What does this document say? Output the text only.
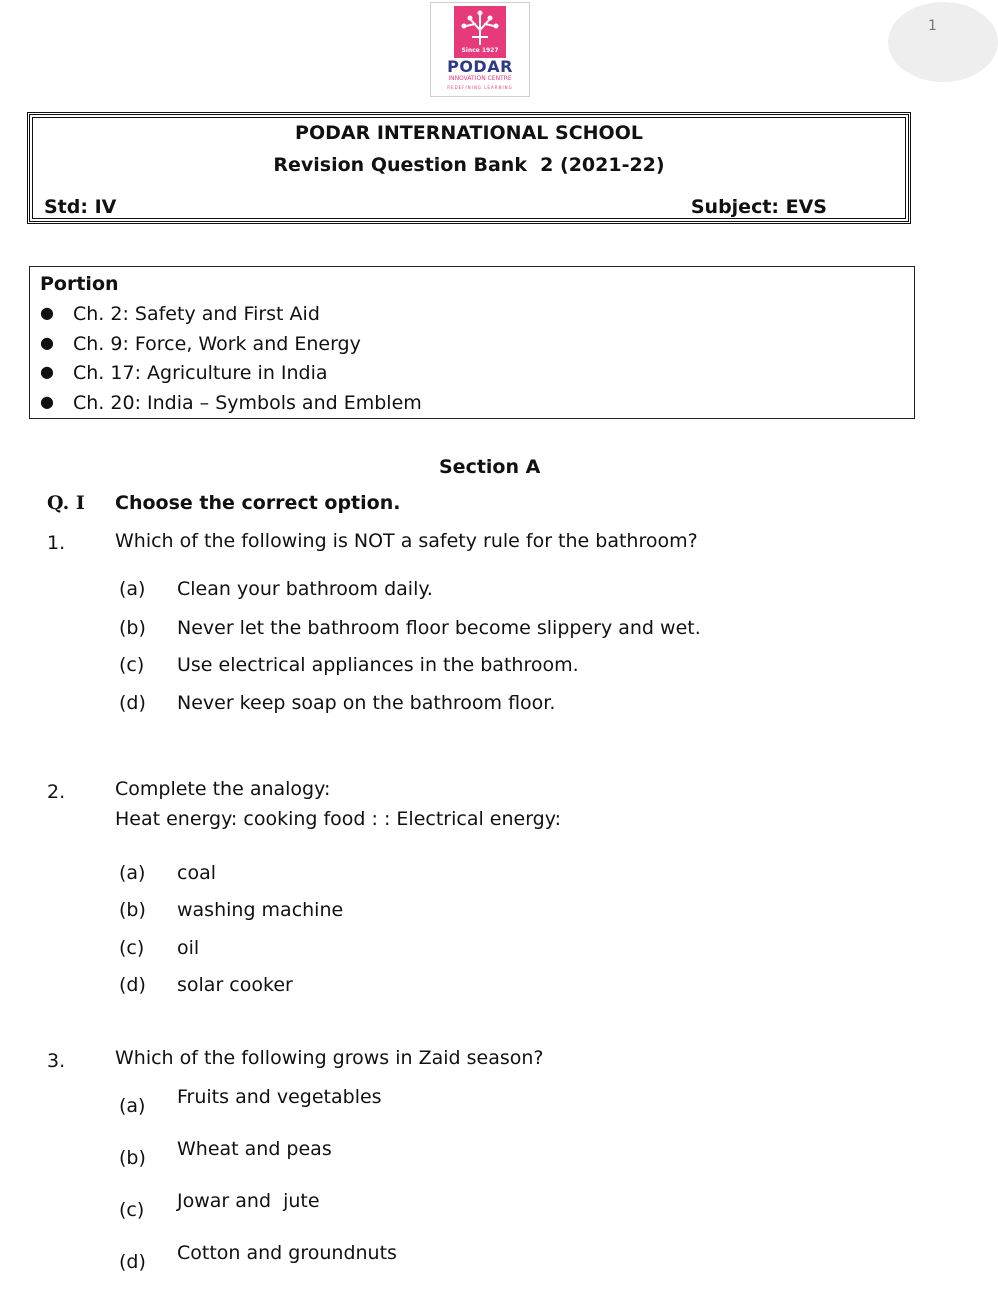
Since 1927
PODAR
INNOVATION CENTRE
REDEFINING LEARNING
1
PODAR INTERNATIONAL SCHOOL
Revision Question Bank  2 (2021-22)
Std: IV	Subject: EVS
Portion
● Ch. 2: Safety and First Aid
● Ch. 9: Force, Work and Energy
● Ch. 17: Agriculture in India
● Ch. 20: India – Symbols and Emblem
Section A
Q. I Choose the correct option.
1.	Which of the following is NOT a safety rule for the bathroom?
(a) Clean your bathroom daily.
(b) Never let the bathroom floor become slippery and wet.
(c) Use electrical appliances in the bathroom.
(d) Never keep soap on the bathroom floor.
2.	Complete the analogy:
Heat energy: cooking food : : Electrical energy:
(a) coal
(b) washing machine
(c) oil
(d) solar cooker
3.	Which of the following grows in Zaid season?
(a) Fruits and vegetables
(b) Wheat and peas
(c) Jowar and  jute
(d) Cotton and groundnuts
